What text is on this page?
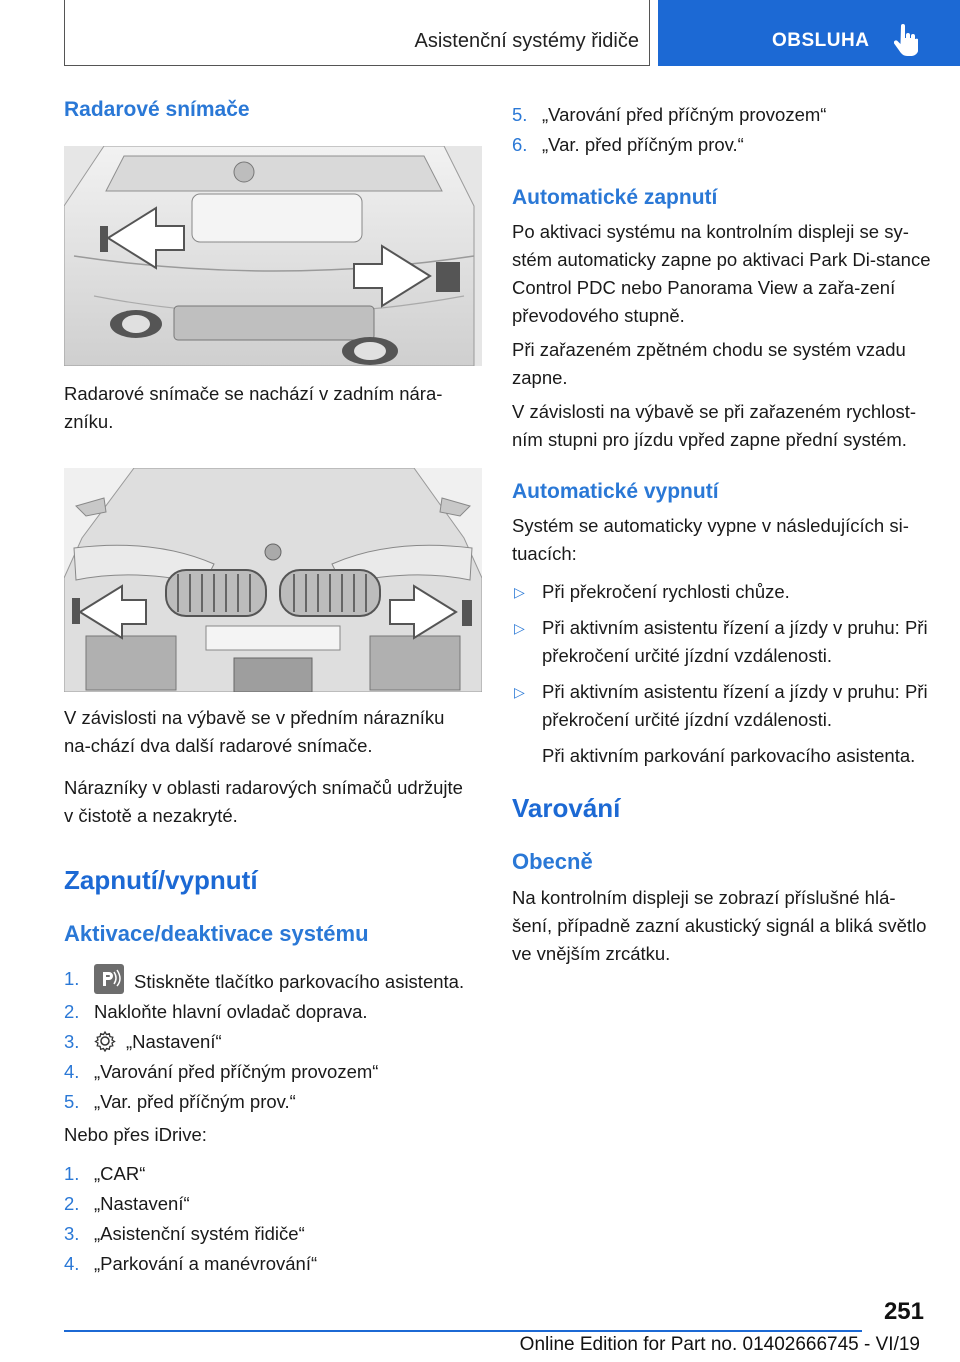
Asistenční systémy řidiče	OBSLUHA
Radarové snímače
Radarové snímače se nachází v zadním nára-zníku.
V závislosti na výbavě se v předním nárazníku na-chází dva další radarové snímače.
Nárazníky v oblasti radarových snímačů udržujte v čistotě a nezakryté.
Zapnutí/vypnutí
Aktivace/deaktivace systému
1.	Stiskněte tlačítko parkovacího asistenta.
2. Nakloňte hlavní ovladač doprava.
3.	„Nastavení“
4. „Varování před příčným provozem“
5. „Var. před příčným prov.“
Nebo přes iDrive:
1. „CAR“
2. „Nastavení“
3. „Asistenční systém řidiče“
4. „Parkování a manévrování“
5. „Varování před příčným provozem“
6. „Var. před příčným prov.“
Automatické zapnutí
Po aktivaci systému na kontrolním displeji se sy-stém automaticky zapne po aktivaci Park Di-stance Control PDC nebo Panorama View a zařa-zení převodového stupně.
Při zařazeném zpětném chodu se systém vzadu zapne.
V závislosti na výbavě se při zařazeném rychlost-ním stupni pro jízdu vpřed zapne přední systém.
Automatické vypnutí
Systém se automaticky vypne v následujících si-tuacích:
▷ Při překročení rychlosti chůze.
▷ Při aktivním asistentu řízení a jízdy v pruhu: Při překročení určité jízdní vzdálenosti.
▷ Při aktivním asistentu řízení a jízdy v pruhu: Při překročení určité jízdní vzdálenosti.
Při aktivním parkování parkovacího asistenta.
Varování
Obecně
Na kontrolním displeji se zobrazí příslušné hlá-šení, případně zazní akustický signál a bliká světlo ve vnějším zrcátku.
251
Online Edition for Part no. 01402666745 - VI/19
